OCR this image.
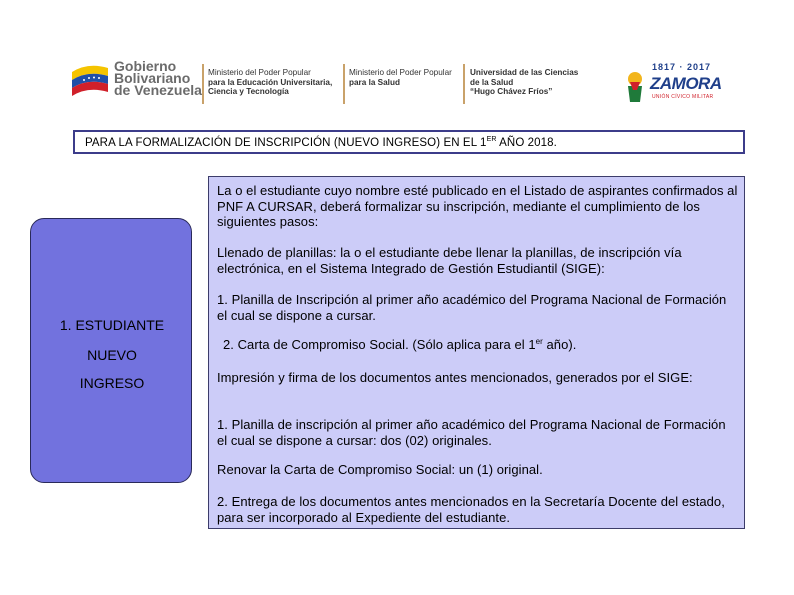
Gobierno
Bolivariano
de Venezuela
Ministerio del Poder Popular
para la Educación Universitaria,
Ciencia y Tecnología
Ministerio del Poder Popular
para la Salud
Universidad de las Ciencias
de la Salud
“Hugo Chávez Fríos”
1817 · 2017
ZAMORA
UNIÓN CÍVICO MILITAR
PARA LA FORMALIZACIÓN DE INSCRIPCIÓN (NUEVO INGRESO) EN EL 1ER AÑO 2018.
1. ESTUDIANTE
NUEVO
INGRESO
La o el estudiante cuyo nombre esté publicado en el Listado de aspirantes confirmados al PNF A CURSAR, deberá formalizar su inscripción, mediante el cumplimiento de los siguientes pasos:
Llenado de planillas: la o el estudiante debe llenar la planillas, de inscripción vía electrónica, en el Sistema Integrado de Gestión Estudiantil (SIGE):
1. Planilla de Inscripción al primer año académico del Programa Nacional de Formación el cual se dispone a cursar.
2. Carta de Compromiso Social. (Sólo aplica para el 1er año).
Impresión y firma de los documentos antes mencionados, generados por el SIGE:
1. Planilla de inscripción al primer año académico del Programa Nacional de Formación el cual se dispone a cursar: dos (02) originales.
Renovar la Carta de Compromiso Social: un (1) original.
2. Entrega de los documentos antes mencionados en la Secretaría Docente del estado, para ser incorporado al Expediente del estudiante.
